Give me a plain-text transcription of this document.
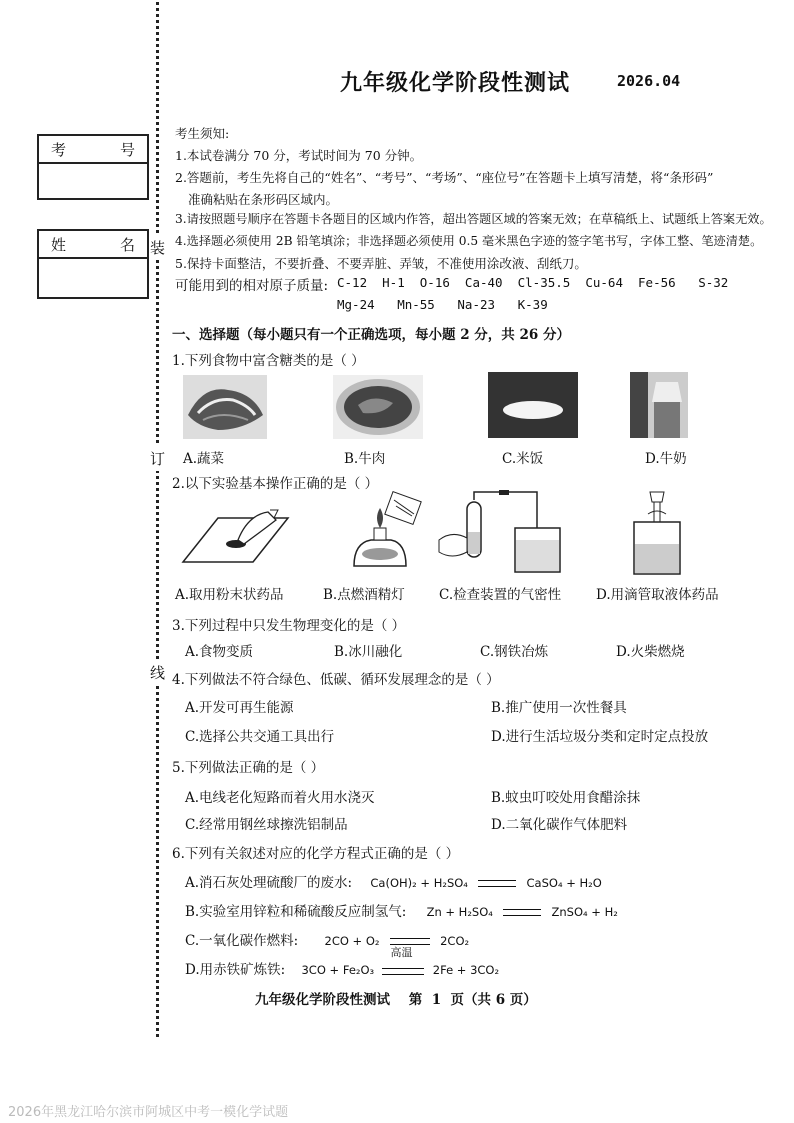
装
订
线
考	号
姓	名
九年级化学阶段性测试	2026.04
考生须知:
1.本试卷满分 70 分，考试时间为 70 分钟。
2.答题前，考生先将自己的“姓名”、“考号”、“考场”、“座位号”在答题卡上填写清楚，将“条形码”
准确粘贴在条形码区域内。
3.请按照题号顺序在答题卡各题目的区域内作答，超出答题区域的答案无效；在草稿纸上、试题纸上答案无效。
4.选择题必须使用 2B 铅笔填涂；非选择题必须使用 0.5 毫米黑色字迹的签字笔书写，字体工整、笔迹清楚。
5.保持卡面整洁，不要折叠、不要弄脏、弄皱，不准使用涂改液、刮纸刀。
可能用到的相对原子质量: C-12  H-1  O-16  Ca-40  Cl-35.5  Cu-64  Fe-56   S-32
Mg-24   Mn-55   Na-23   K-39
一、选择题（每小题只有一个正确选项，每小题 2 分，共 26 分）
1.下列食物中富含糖类的是（ ）
A.蔬菜	B.牛肉	C.米饭	D.牛奶
2.以下实验基本操作正确的是（ ）
A.取用粉末状药品	B.点燃酒精灯	C.检查装置的气密性	D.用滴管取液体药品
3.下列过程中只发生物理变化的是（ ）
A.食物变质	B.冰川融化	C.钢铁冶炼	D.火柴燃烧
4.下列做法不符合绿色、低碳、循环发展理念的是（ ）
A.开发可再生能源	B.推广使用一次性餐具
C.选择公共交通工具出行	D.进行生活垃圾分类和定时定点投放
5.下列做法正确的是（ ）
A.电线老化短路而着火用水浇灭	B.蚊虫叮咬处用食醋涂抹
C.经常用钢丝球擦洗铝制品	D.二氧化碳作气体肥料
6.下列有关叙述对应的化学方程式正确的是（ ）
A.消石灰处理硫酸厂的废水: Ca(OH)₂ + H₂SO₄	CaSO₄ + H₂O
B.实验室用锌粒和稀硫酸反应制氢气: Zn + H₂SO₄	ZnSO₄ + H₂
C.一氧化碳作燃料: 2CO + O₂	2CO₂
D.用赤铁矿炼铁: 3CO + Fe₂O₃
高温
2Fe + 3CO₂
九年级化学阶段性测试    第  1  页（共 6 页）
2026年黑龙江哈尔滨市阿城区中考一模化学试题
